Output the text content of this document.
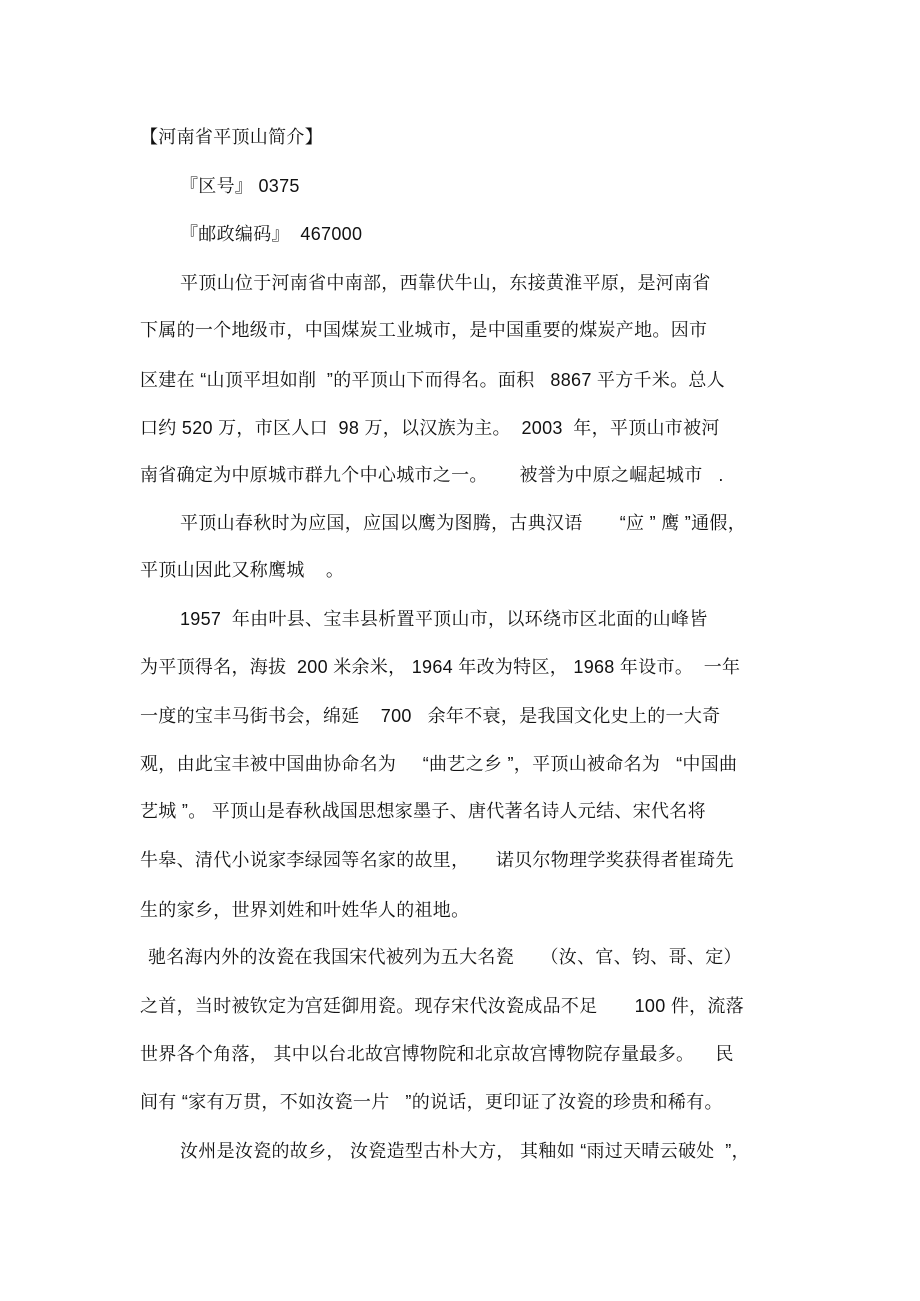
【河南省平顶山简介】
『区号』 0375
『邮政编码』  467000
平顶山位于河南省中南部，西靠伏牛山，东接黄淮平原，是河南省
下属的一个地级市，中国煤炭工业城市，是中国重要的煤炭产地。因市
区建在 “山顶平坦如削  ”的平顶山下而得名。面积   8867 平方千米。总人
口约 520 万，市区人口  98 万，以汉族为主。  2003  年，平顶山市被河
南省确定为中原城市群九个中心城市之一。      被誉为中原之崛起城市   .
平顶山春秋时为应国，应国以鹰为图腾，古典汉语       “应 ” 鹰 ”通假，
平顶山因此又称鹰城    。
1957  年由叶县、宝丰县析置平顶山市，以环绕市区北面的山峰皆
为平顶得名，海拔  200 米余米， 1964 年改为特区， 1968 年设市。  一年
一度的宝丰马街书会，绵延    700   余年不衰，是我国文化史上的一大奇
观，由此宝丰被中国曲协命名为     “曲艺之乡 ”，平顶山被命名为   “中国曲
艺城 ”。 平顶山是春秋战国思想家墨子、唐代著名诗人元结、宋代名将
牛皋、清代小说家李绿园等名家的故里，     诺贝尔物理学奖获得者崔琦先
生的家乡，世界刘姓和叶姓华人的祖地。
驰名海内外的汝瓷在我国宋代被列为五大名瓷     （汝、官、钧、哥、定）
之首，当时被钦定为宫廷御用瓷。现存宋代汝瓷成品不足       100 件，流落
世界各个角落， 其中以台北故宫博物院和北京故宫博物院存量最多。    民
间有 “家有万贯，不如汝瓷一片   ”的说话，更印证了汝瓷的珍贵和稀有。
汝州是汝瓷的故乡， 汝瓷造型古朴大方， 其釉如 “雨过天晴云破处  ”，
